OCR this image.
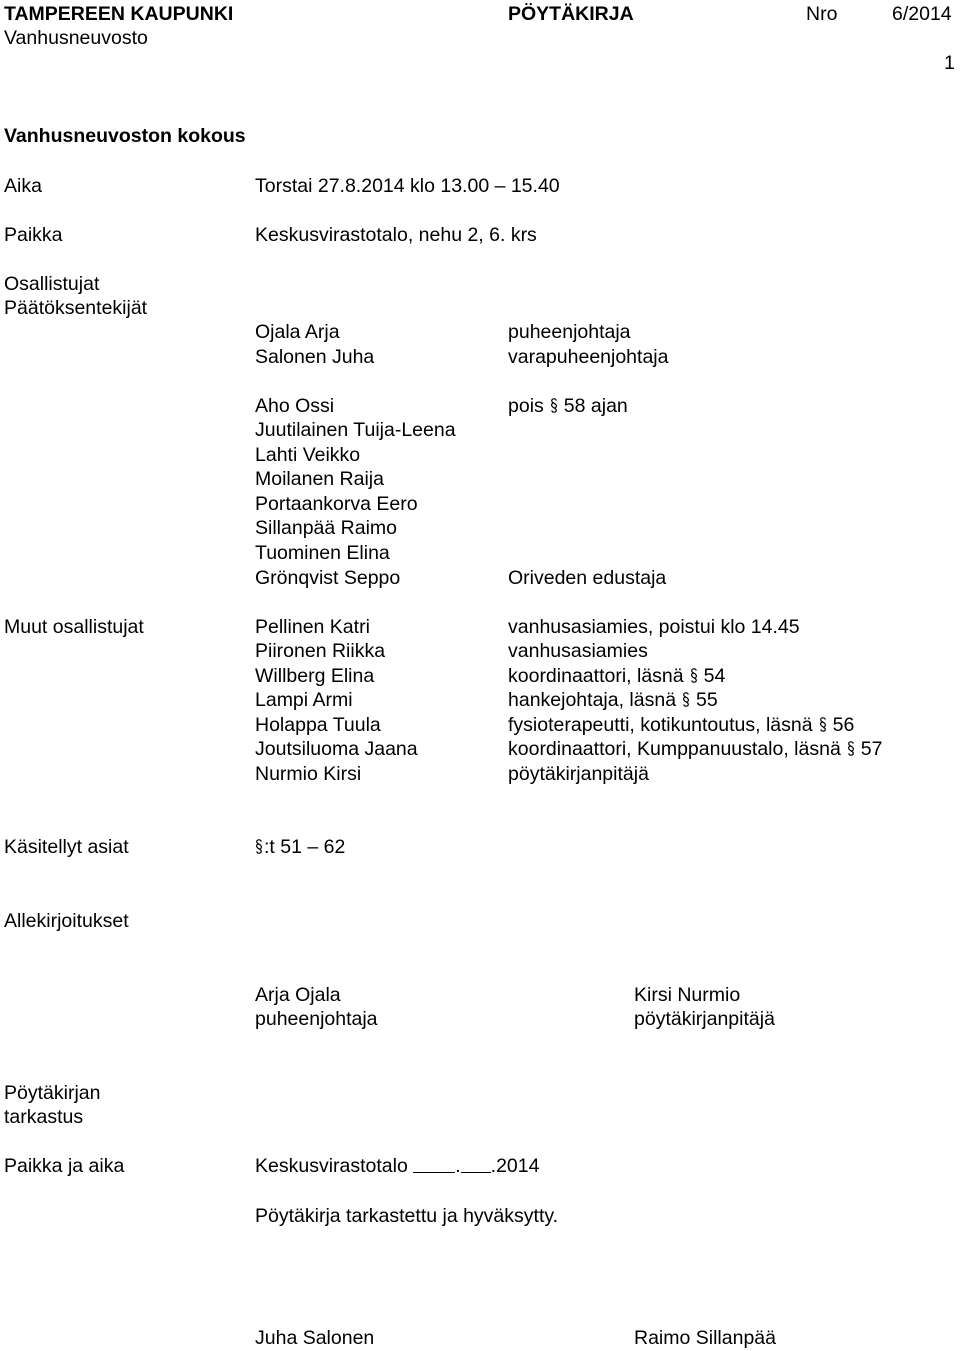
TAMPEREEN KAUPUNKI	PÖYTÄKIRJA	Nro	6/2014
Vanhusneuvosto
1
Vanhusneuvoston kokous
Aika	Torstai 27.8.2014 klo 13.00 – 15.40
Paikka	Keskusvirastotalo, nehu 2, 6. krs
Osallistujat
Päätöksentekijät
Ojala Arja	puheenjohtaja
Salonen Juha	varapuheenjohtaja
Aho Ossi	pois 58 ajan
Juutilainen Tuija-Leena
Lahti Veikko
Moilanen Raija
Portaankorva Eero
Sillanpää Raimo
Tuominen Elina
Grönqvist Seppo	Oriveden edustaja
Muut osallistujat	Pellinen Katri	vanhusasiamies, poistui klo 14.45
Piironen Riikka	vanhusasiamies
Willberg Elina	koordinaattori, läsnä 54
Lampi Armi	hankejohtaja, läsnä 55
Holappa Tuula	fysioterapeutti, kotikuntoutus, läsnä 56
Joutsiluoma Jaana	koordinaattori, Kumppanuustalo, läsnä 57
Nurmio Kirsi	pöytäkirjanpitäjä
Käsitellyt asiat	:t 51 – 62
Allekirjoitukset
Arja Ojala
puheenjohtaja
Kirsi Nurmio
pöytäkirjanpitäjä
Pöytäkirjan
tarkastus
Paikka ja aika	Keskusvirastotalo . .2014
Pöytäkirja tarkastettu ja hyväksytty.
Juha Salonen	Raimo Sillanpää
